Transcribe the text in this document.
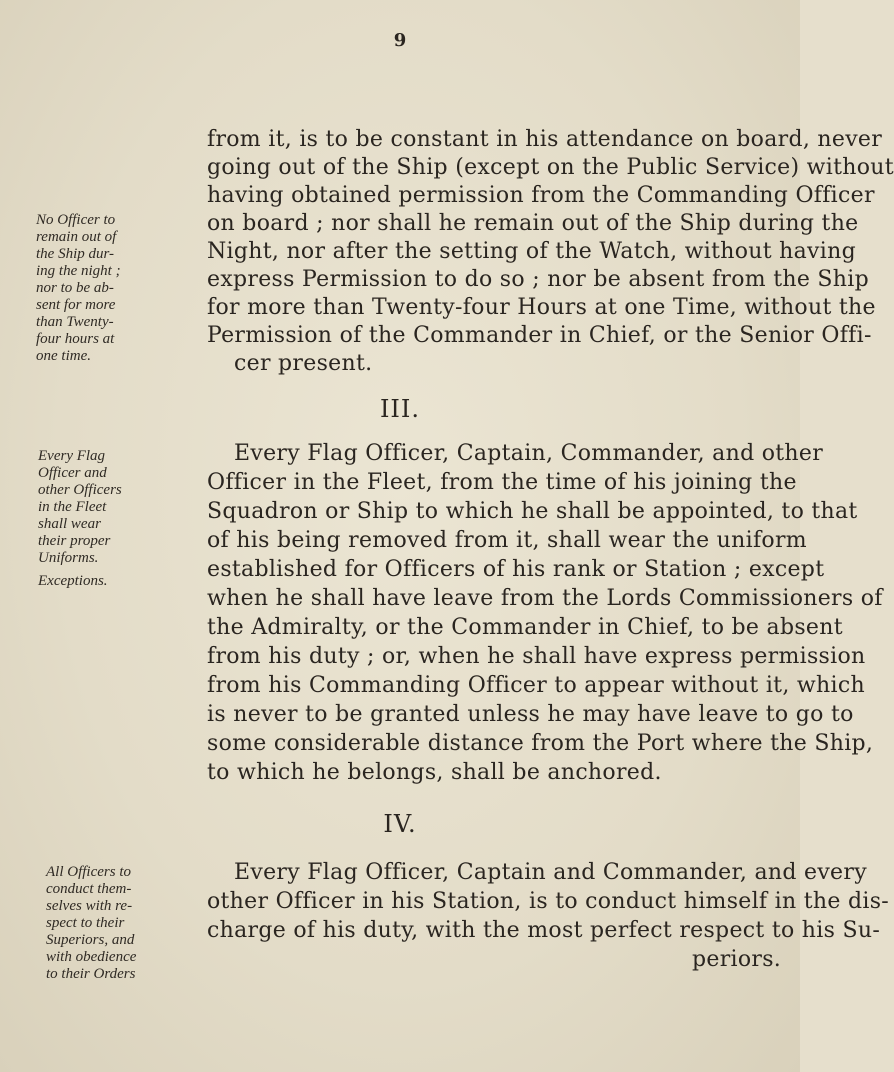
9
from it, is to be constant in his attendance on board, never
going out of the Ship (except on the Public Service) without
having obtained permission from the Commanding Officer
on board ; nor shall he remain out of the Ship during the
Night, nor after the setting of the Watch, without having
express Permission to do so ; nor be absent from the Ship
for more than Twenty-four Hours at one Time, without the
Permission of the Commander in Chief, or the Senior Offi-
cer present.
No Officer to
remain out of
the Ship dur-
ing the night ;
nor to be ab-
sent for more
than Twenty-
four hours at
one time.
III.
Every Flag Officer, Captain, Commander, and other
Officer in the Fleet, from the time of his joining the
Squadron or Ship to which he shall be appointed, to that
of his being removed from it, shall wear the uniform
established for Officers of his rank or Station ; except
when he shall have leave from the Lords Commissioners of
the Admiralty, or the Commander in Chief, to be absent
from his duty ; or, when he shall have express permission
from his Commanding Officer to appear without it, which
is never to be granted unless he may have leave to go to
some considerable distance from the Port where the Ship,
to which he belongs, shall be anchored.
Every Flag
Officer and
other Officers
in the Fleet
shall wear
their proper
Uniforms.
Exceptions.
IV.
Every Flag Officer, Captain and Commander, and every
other Officer in his Station, is to conduct himself in the dis-
charge of his duty, with the most perfect respect to his Su-
periors.
All Officers to
conduct them-
selves with re-
spect to their
Superiors, and
with obedience
to their Orders
